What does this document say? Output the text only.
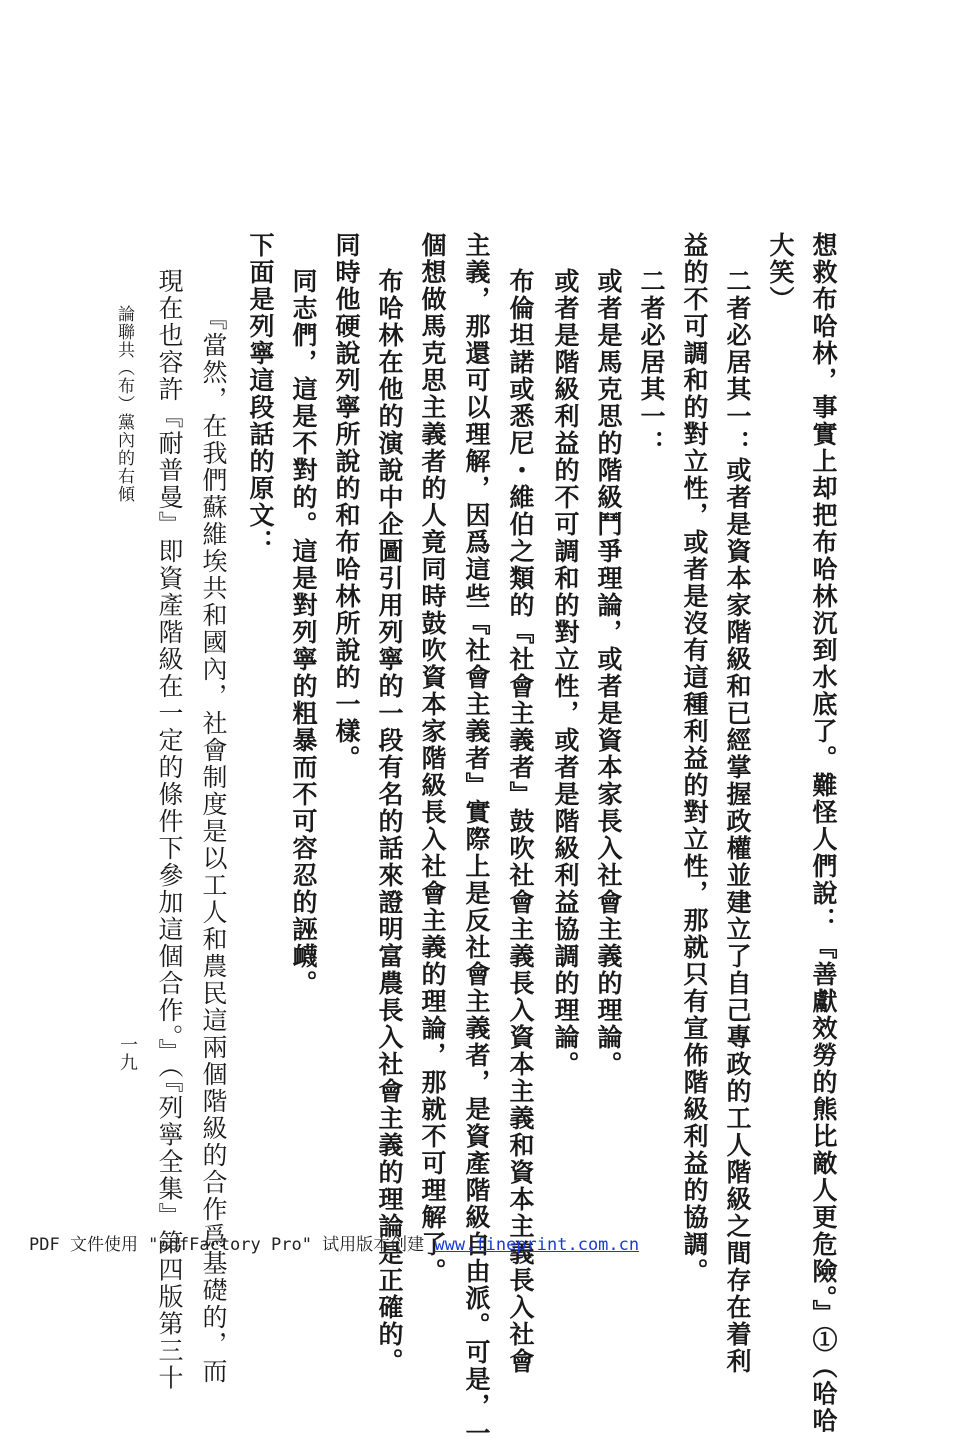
想救布哈林，事實上却把布哈林沉到水底了。難怪人們說：『善獻效勞的熊比敵人更危險。』①（哈哈
大笑）
二者必居其一：或者是資本家階級和已經掌握政權並建立了自己專政的工人階級之間存在着利
益的不可調和的對立性，或者是沒有這種利益的對立性，那就只有宣佈階級利益的協調。
二者必居其一：
或者是馬克思的階級鬥爭理論，或者是資本家長入社會主義的理論。
或者是階級利益的不可調和的對立性，或者是階級利益協調的理論。
布倫坦諾或悉尼・維伯之類的『社會主義者』鼓吹社會主義長入資本主義和資本主義長入社會
主義，那還可以理解，因爲這些『社會主義者』實際上是反社會主義者，是資產階級自由派。可是，一
個想做馬克思主義者的人竟同時鼓吹資本家階級長入社會主義的理論，那就不可理解了。
布哈林在他的演說中企圖引用列寧的一段有名的話來證明富農長入社會主義的理論是正確的。
同時他硬說列寧所說的和布哈林所說的一樣。
同志們，這是不對的。這是對列寧的粗暴而不可容忍的誣衊。
下面是列寧這段話的原文：
『當然，在我們蘇維埃共和國內，社會制度是以工人和農民這兩個階級的合作爲基礎的，而
現在也容許『耐普曼』即資產階級在一定的條件下參加這個合作。』（『列寧全集』第四版第三十
論聯共（布）黨內的右傾
一九
PDF 文件使用 "pdfFactory Pro" 试用版本创建 www.fineprint.com.cn
